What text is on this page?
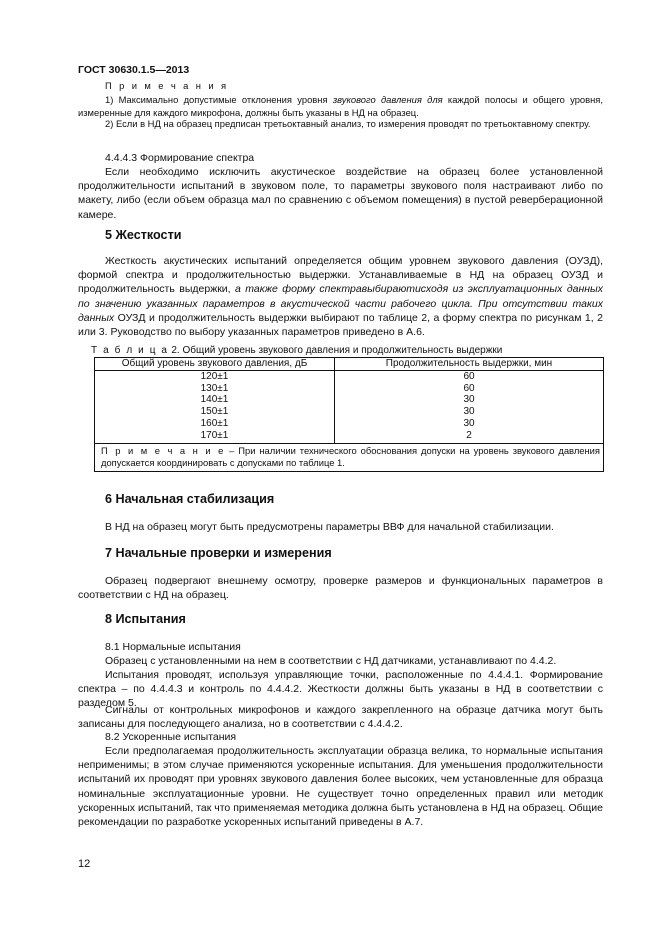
ГОСТ 30630.1.5—2013
П р и м е ч а н и я
1) Максимально допустимые отклонения уровня звукового давления для каждой полосы и общего уровня, измеренные для каждого микрофона, должны быть указаны в НД на образец.
2) Если в НД на образец предписан третьоктавный анализ, то измерения проводят по третьоктавному спектру.
4.4.4.3 Формирование спектра
Если необходимо исключить акустическое воздействие на образец более установленной продолжительности испытаний в звуковом поле, то параметры звукового поля настраивают либо по макету, либо (если объем образца мал по сравнению с объемом помещения) в пустой реверберационной камере.
5 Жесткости
Жесткость акустических испытаний определяется общим уровнем звукового давления (ОУЗД), формой спектра и продолжительностью выдержки. Устанавливаемые в НД на образец ОУЗД и продолжительность выдержки, а также форму спектравыбираютисходя из эксплуатационных данных по значению указанных параметров в акустической части рабочего цикла. При отсутствии таких данных ОУЗД и продолжительность выдержки выбирают по таблице 2, а форму спектра по рисункам 1, 2 или 3. Руководство по выбору указанных параметров приведено в А.6.
Т а б л и ц а 2. Общий уровень звукового давления и продолжительность выдержки
Общий уровень звукового давления, дБ	Продолжительность выдержки, мин
120±1	60
130±1	60
140±1	30
150±1	30
160±1	30
170±1	2
П р и м е ч а н и е – При наличии технического обоснования допуски на уровень звукового давления допускается координировать с допусками по таблице 1.	
6 Начальная стабилизация
В НД на образец могут быть предусмотрены параметры ВВФ для начальной стабилизации.
7 Начальные проверки и измерения
Образец подвергают внешнему осмотру, проверке размеров и функциональных параметров в соответствии с НД на образец.
8 Испытания
8.1 Нормальные испытания
Образец с установленными на нем в соответствии с НД датчиками, устанавливают по 4.4.2.
Испытания проводят, используя управляющие точки, расположенные по 4.4.4.1. Формирование спектра – по 4.4.4.3 и контроль по 4.4.4.2. Жесткости должны быть указаны в НД в соответствии с разделом 5.
Сигналы от контрольных микрофонов и каждого закрепленного на образце датчика могут быть записаны для последующего анализа, но в соответствии с 4.4.4.2.
8.2 Ускоренные испытания
Если предполагаемая продолжительность эксплуатации образца велика, то нормальные испытания неприменимы; в этом случае применяются ускоренные испытания. Для уменьшения продолжительности испытаний их проводят при уровнях звукового давления более высоких, чем установленные для образца номинальные эксплуатационные уровни. Не существует точно определенных правил или методик ускоренных испытаний, так что применяемая методика должна быть установлена в НД на образец. Общие рекомендации по разработке ускоренных испытаний приведены в А.7.
12
